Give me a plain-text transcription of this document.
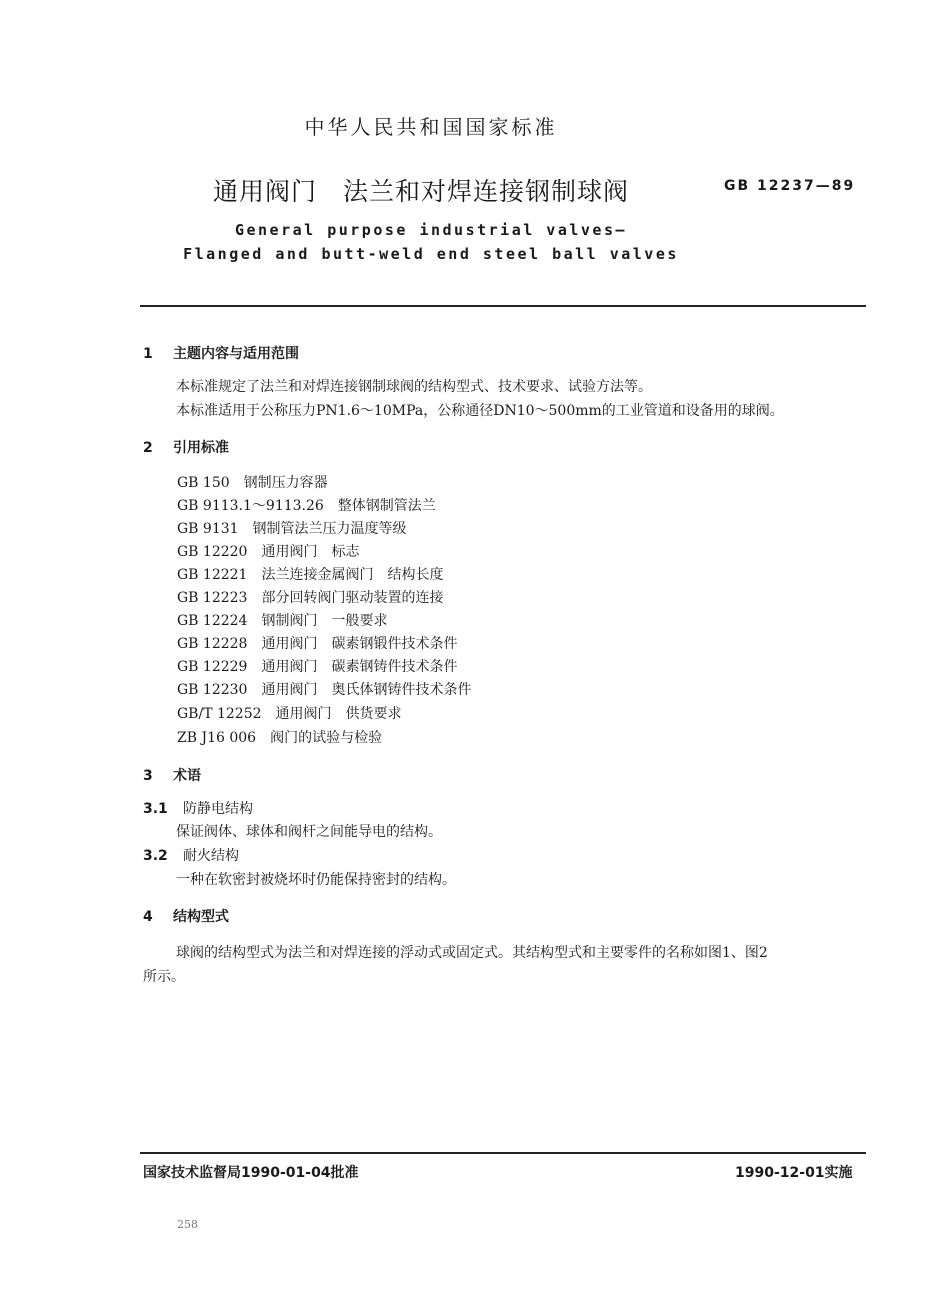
中华人民共和国国家标准
通用阀门　法兰和对焊连接钢制球阀	GB 12237—89
General purpose industrial valves—
Flanged and butt-weld end steel ball valves
1 主题内容与适用范围
本标准规定了法兰和对焊连接钢制球阀的结构型式、技术要求、试验方法等。
本标准适用于公称压力PN1.6～10MPa，公称通径DN10～500mm的工业管道和设备用的球阀。
2 引用标准
GB 150　钢制压力容器
GB 9113.1～9113.26　整体钢制管法兰
GB 9131　钢制管法兰压力温度等级
GB 12220　通用阀门　标志
GB 12221　法兰连接金属阀门　结构长度
GB 12223　部分回转阀门驱动装置的连接
GB 12224　钢制阀门　一般要求
GB 12228　通用阀门　碳素钢锻件技术条件
GB 12229　通用阀门　碳素钢铸件技术条件
GB 12230　通用阀门　奥氏体钢铸件技术条件
GB/T 12252　通用阀门　供货要求
ZB J16 006　阀门的试验与检验
3 术语
3.1 防静电结构
保证阀体、球体和阀杆之间能导电的结构。
3.2 耐火结构
一种在软密封被烧坏时仍能保持密封的结构。
4 结构型式
球阀的结构型式为法兰和对焊连接的浮动式或固定式。其结构型式和主要零件的名称如图1、图2
所示。
国家技术监督局1990-01-04批准	1990-12-01实施
258
